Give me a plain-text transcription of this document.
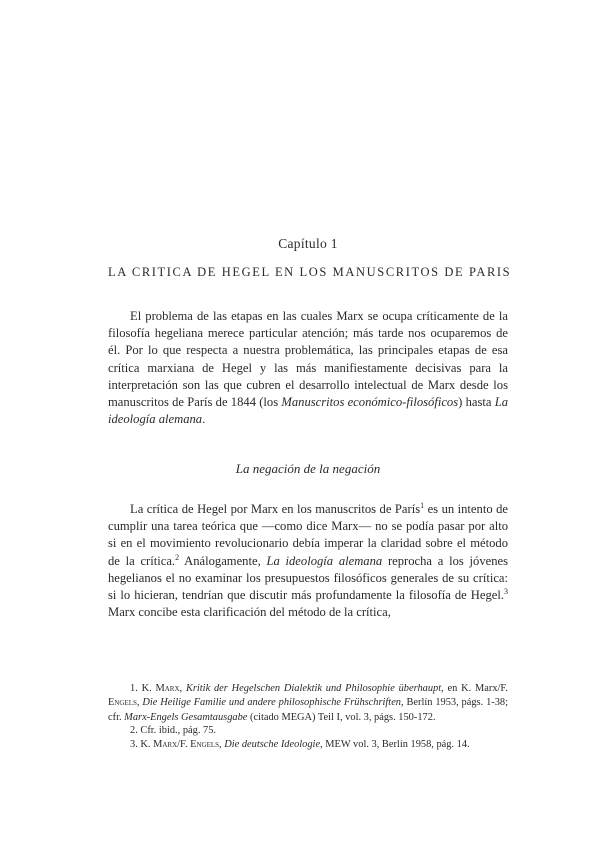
Capítulo 1
LA CRITICA DE HEGEL EN LOS MANUSCRITOS DE PARIS

El problema de las etapas en las cuales Marx se ocupa críticamente de la filosofía hegeliana merece particular atención; más tarde nos ocuparemos de él. Por lo que respecta a nuestra problemática, las principales etapas de esa crítica marxiana de Hegel y las más manifiestamente decisivas para la interpretación son las que cubren el desarrollo intelectual de Marx desde los manuscritos de París de 1844 (los Manuscritos económico-filosóficos) hasta La ideología alemana.

La negación de la negación

La crítica de Hegel por Marx en los manuscritos de París$^1$ es un intento de cumplir una tarea teórica que —como dice Marx— no se podía pasar por alto si en el movimiento revolucionario debía imperar la claridad sobre el método de la crítica.$^2$ Análogamente, La ideología alemana reprocha a los jóvenes hegelianos el no examinar los presupuestos filosóficos generales de su crítica: si lo hicieran, tendrían que discutir más profundamente la filosofía de Hegel.$^3$ Marx concibe esta clarificación del método de la crítica,

1. K. Marx, Kritik der Hegelschen Dialektik und Philosophie überhaupt, en K. Marx/F. Engels, Die Heilige Familie und andere philosophische Frühschriften, Berlín 1953, págs. 1-38; cfr. Marx-Engels Gesamtausgabe (citado MEGA) Teil I, vol. 3, págs. 150-172.

2. Cfr. ibid., pág. 75.

3. K. Marx/F. Engels, Die deutsche Ideologie, MEW vol. 3, Berlín 1958, pág. 14.
